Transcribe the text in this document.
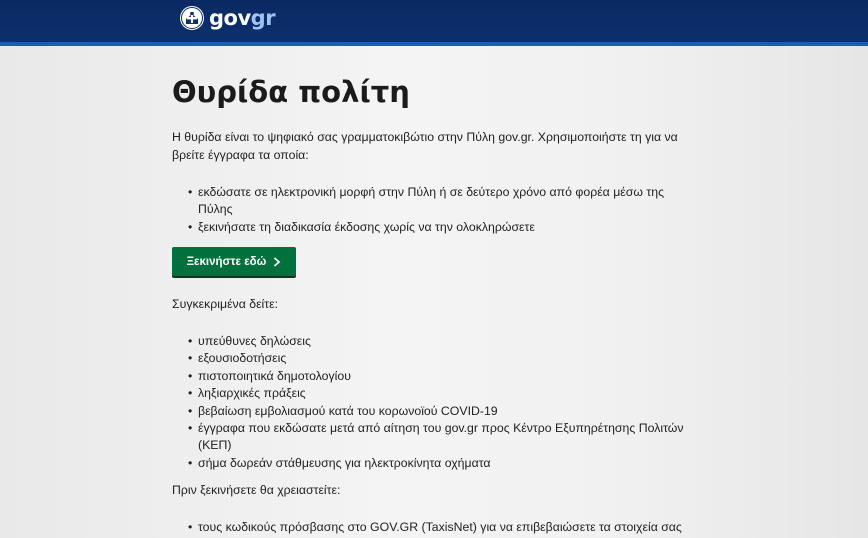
govgr
Θυρίδα πολίτη

Η θυρίδα είναι το ψηφιακό σας γραμματοκιβώτιο στην Πύλη gov.gr. Χρησιμοποιήστε τη για να βρείτε έγγραφα τα οποία:

• εκδώσατε σε ηλεκτρονική μορφή στην Πύλη ή σε δεύτερο χρόνο από φορέα μέσω της Πύλης
• ξεκινήσατε τη διαδικασία έκδοσης χωρίς να την ολοκληρώσετε
Ξεκινήστε εδώ

Συγκεκριμένα δείτε:

• υπεύθυνες δηλώσεις
• εξουσιοδοτήσεις
• πιστοποιητικά δημοτολογίου
• ληξιαρχικές πράξεις
• βεβαίωση εμβολιασμού κατά του κορωνοϊού COVID-19
• έγγραφα που εκδώσατε μετά από αίτηση του gov.gr προς Κέντρο Εξυπηρέτησης Πολιτών (ΚΕΠ)
• σήμα δωρεάν στάθμευσης για ηλεκτροκίνητα οχήματα

Πριν ξεκινήσετε θα χρειαστείτε:

• τους κωδικούς πρόσβασης στο GOV.GR (TaxisNet) για να επιβεβαιώσετε τα στοιχεία σας
